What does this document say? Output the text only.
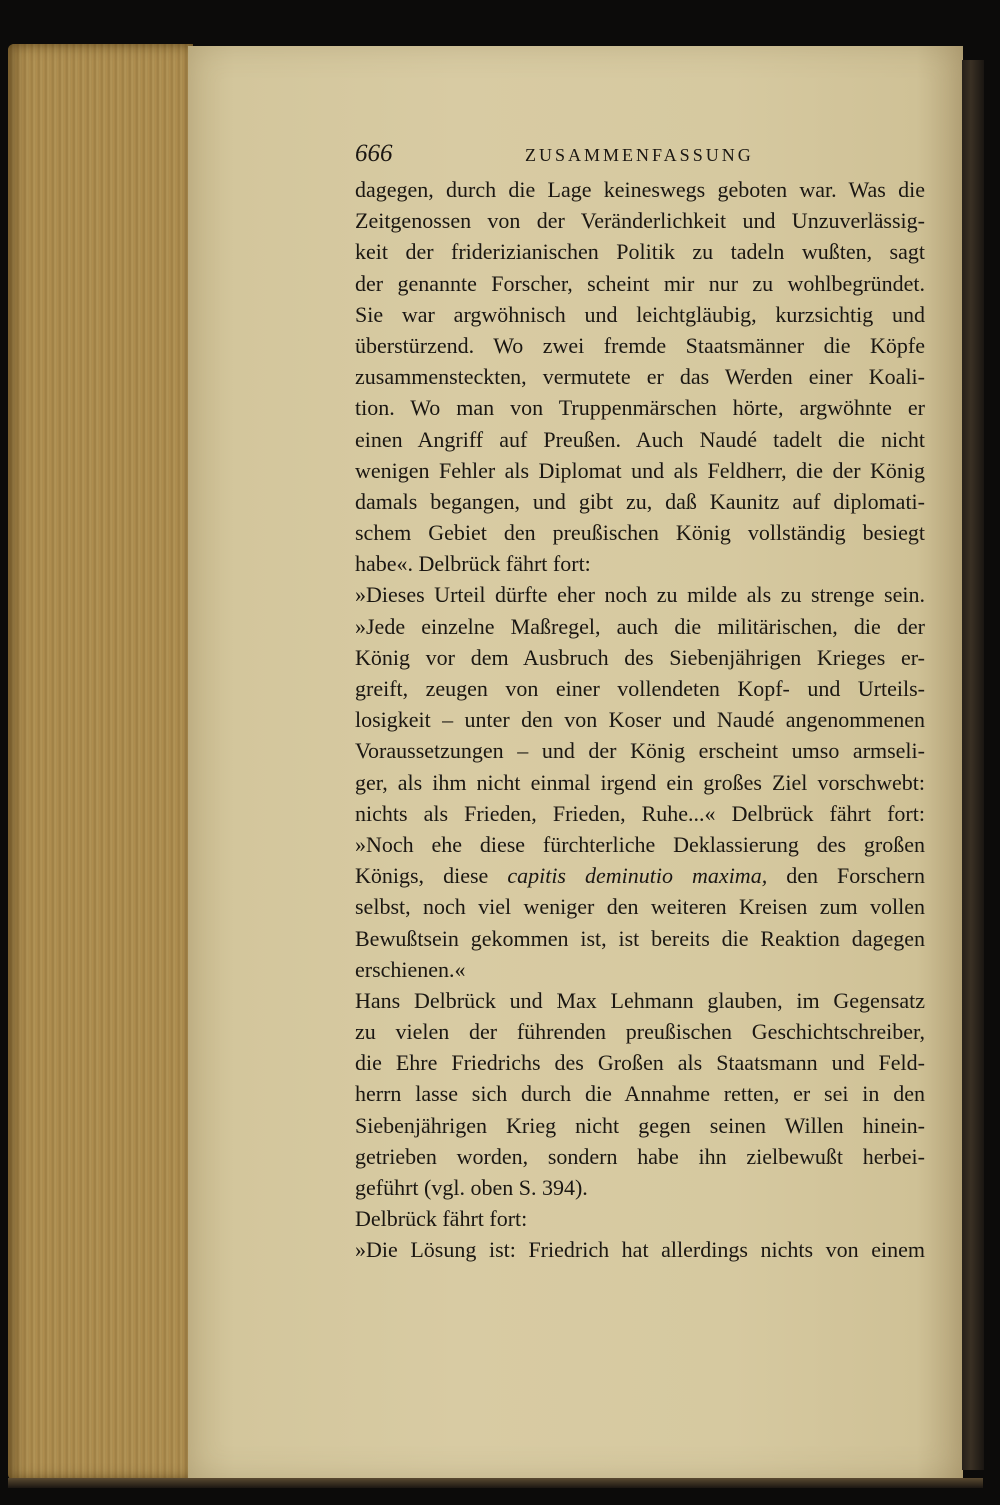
666	ZUSAMMENFASSUNG
dagegen, durch die Lage keineswegs geboten war. Was die
Zeitgenossen von der Veränderlichkeit und Unzuverlässig-
keit der friderizianischen Politik zu tadeln wußten, sagt
der genannte Forscher, scheint mir nur zu wohlbegründet.
Sie war argwöhnisch und leichtgläubig, kurzsichtig und
überstürzend. Wo zwei fremde Staatsmänner die Köpfe
zusammensteckten, vermutete er das Werden einer Koali-
tion. Wo man von Truppenmärschen hörte, argwöhnte er
einen Angriff auf Preußen. Auch Naudé tadelt die nicht
wenigen Fehler als Diplomat und als Feldherr, die der König
damals begangen, und gibt zu, daß Kaunitz auf diplomati-
schem Gebiet den preußischen König vollständig besiegt
habe«. Delbrück fährt fort:
»Dieses Urteil dürfte eher noch zu milde als zu strenge sein.
»Jede einzelne Maßregel, auch die militärischen, die der
König vor dem Ausbruch des Siebenjährigen Krieges er-
greift, zeugen von einer vollendeten Kopf- und Urteils-
losigkeit – unter den von Koser und Naudé angenommenen
Voraussetzungen – und der König erscheint umso armseli-
ger, als ihm nicht einmal irgend ein großes Ziel vorschwebt:
nichts als Frieden, Frieden, Ruhe...« Delbrück fährt fort:
»Noch ehe diese fürchterliche Deklassierung des großen
Königs, diese capitis deminutio maxima, den Forschern
selbst, noch viel weniger den weiteren Kreisen zum vollen
Bewußtsein gekommen ist, ist bereits die Reaktion dagegen
erschienen.«
Hans Delbrück und Max Lehmann glauben, im Gegensatz
zu vielen der führenden preußischen Geschichtschreiber,
die Ehre Friedrichs des Großen als Staatsmann und Feld-
herrn lasse sich durch die Annahme retten, er sei in den
Siebenjährigen Krieg nicht gegen seinen Willen hinein-
getrieben worden, sondern habe ihn zielbewußt herbei-
geführt (vgl. oben S. 394).
Delbrück fährt fort:
»Die Lösung ist: Friedrich hat allerdings nichts von einem
